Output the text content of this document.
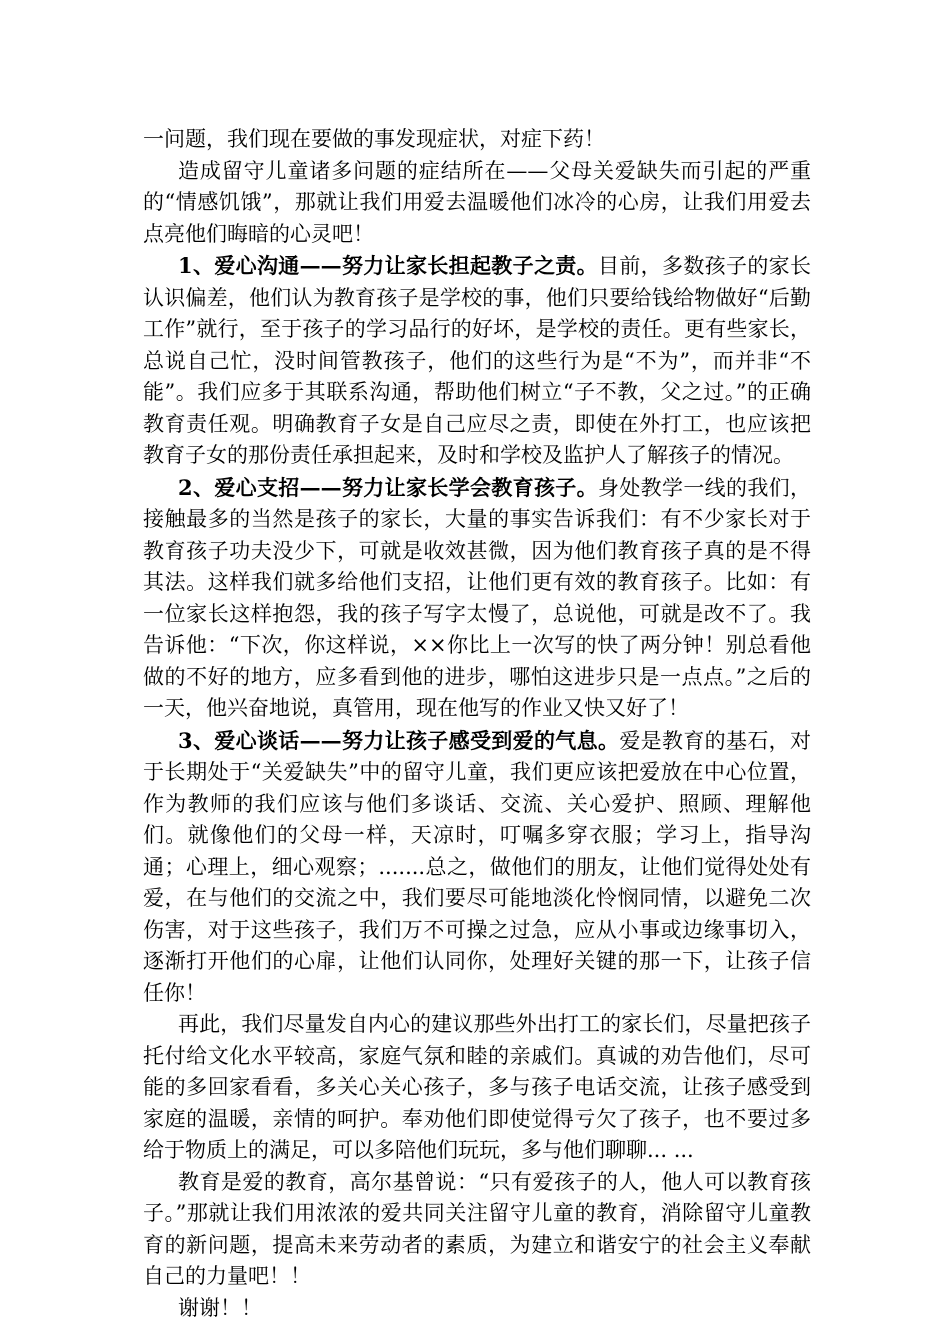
一问题，我们现在要做的事发现症状，对症下药！

造成留守儿童诸多问题的症结所在——父母关爱缺失而引起的严重的“情感饥饿”，那就让我们用爱去温暖他们冰冷的心房，让我们用爱去点亮他们晦暗的心灵吧！

1、爱心沟通——努力让家长担起教子之责。目前，多数孩子的家长认识偏差，他们认为教育孩子是学校的事，他们只要给钱给物做好“后勤工作”就行，至于孩子的学习品行的好坏，是学校的责任。更有些家长，总说自己忙，没时间管教孩子，他们的这些行为是“不为”，而并非“不能”。我们应多于其联系沟通，帮助他们树立“子不教，父之过。”的正确教育责任观。明确教育子女是自己应尽之责，即使在外打工，也应该把教育子女的那份责任承担起来，及时和学校及监护人了解孩子的情况。

2、爱心支招——努力让家长学会教育孩子。身处教学一线的我们，接触最多的当然是孩子的家长，大量的事实告诉我们：有不少家长对于教育孩子功夫没少下，可就是收效甚微，因为他们教育孩子真的是不得其法。这样我们就多给他们支招，让他们更有效的教育孩子。比如：有一位家长这样抱怨，我的孩子写字太慢了，总说他，可就是改不了。我告诉他：“下次，你这样说，××你比上一次写的快了两分钟！别总看他做的不好的地方，应多看到他的进步，哪怕这进步只是一点点。”之后的一天，他兴奋地说，真管用，现在他写的作业又快又好了！

3、爱心谈话——努力让孩子感受到爱的气息。爱是教育的基石，对于长期处于“关爱缺失”中的留守儿童，我们更应该把爱放在中心位置，作为教师的我们应该与他们多谈话、交流、关心爱护、照顾、理解他们。就像他们的父母一样，天凉时，叮嘱多穿衣服；学习上，指导沟通；心理上，细心观察；.......总之，做他们的朋友，让他们觉得处处有爱，在与他们的交流之中，我们要尽可能地淡化怜悯同情，以避免二次伤害，对于这些孩子，我们万不可操之过急，应从小事或边缘事切入，逐渐打开他们的心扉，让他们认同你，处理好关键的那一下，让孩子信任你！

再此，我们尽量发自内心的建议那些外出打工的家长们，尽量把孩子托付给文化水平较高，家庭气氛和睦的亲戚们。真诚的劝告他们，尽可能的多回家看看，多关心关心孩子，多与孩子电话交流，让孩子感受到家庭的温暖，亲情的呵护。奉劝他们即使觉得亏欠了孩子，也不要过多给于物质上的满足，可以多陪他们玩玩，多与他们聊聊... ...

教育是爱的教育，高尔基曾说：“只有爱孩子的人，他人可以教育孩子。”那就让我们用浓浓的爱共同关注留守儿童的教育，消除留守儿童教育的新问题，提高未来劳动者的素质，为建立和谐安宁的社会主义奉献自己的力量吧！！

谢谢！！
